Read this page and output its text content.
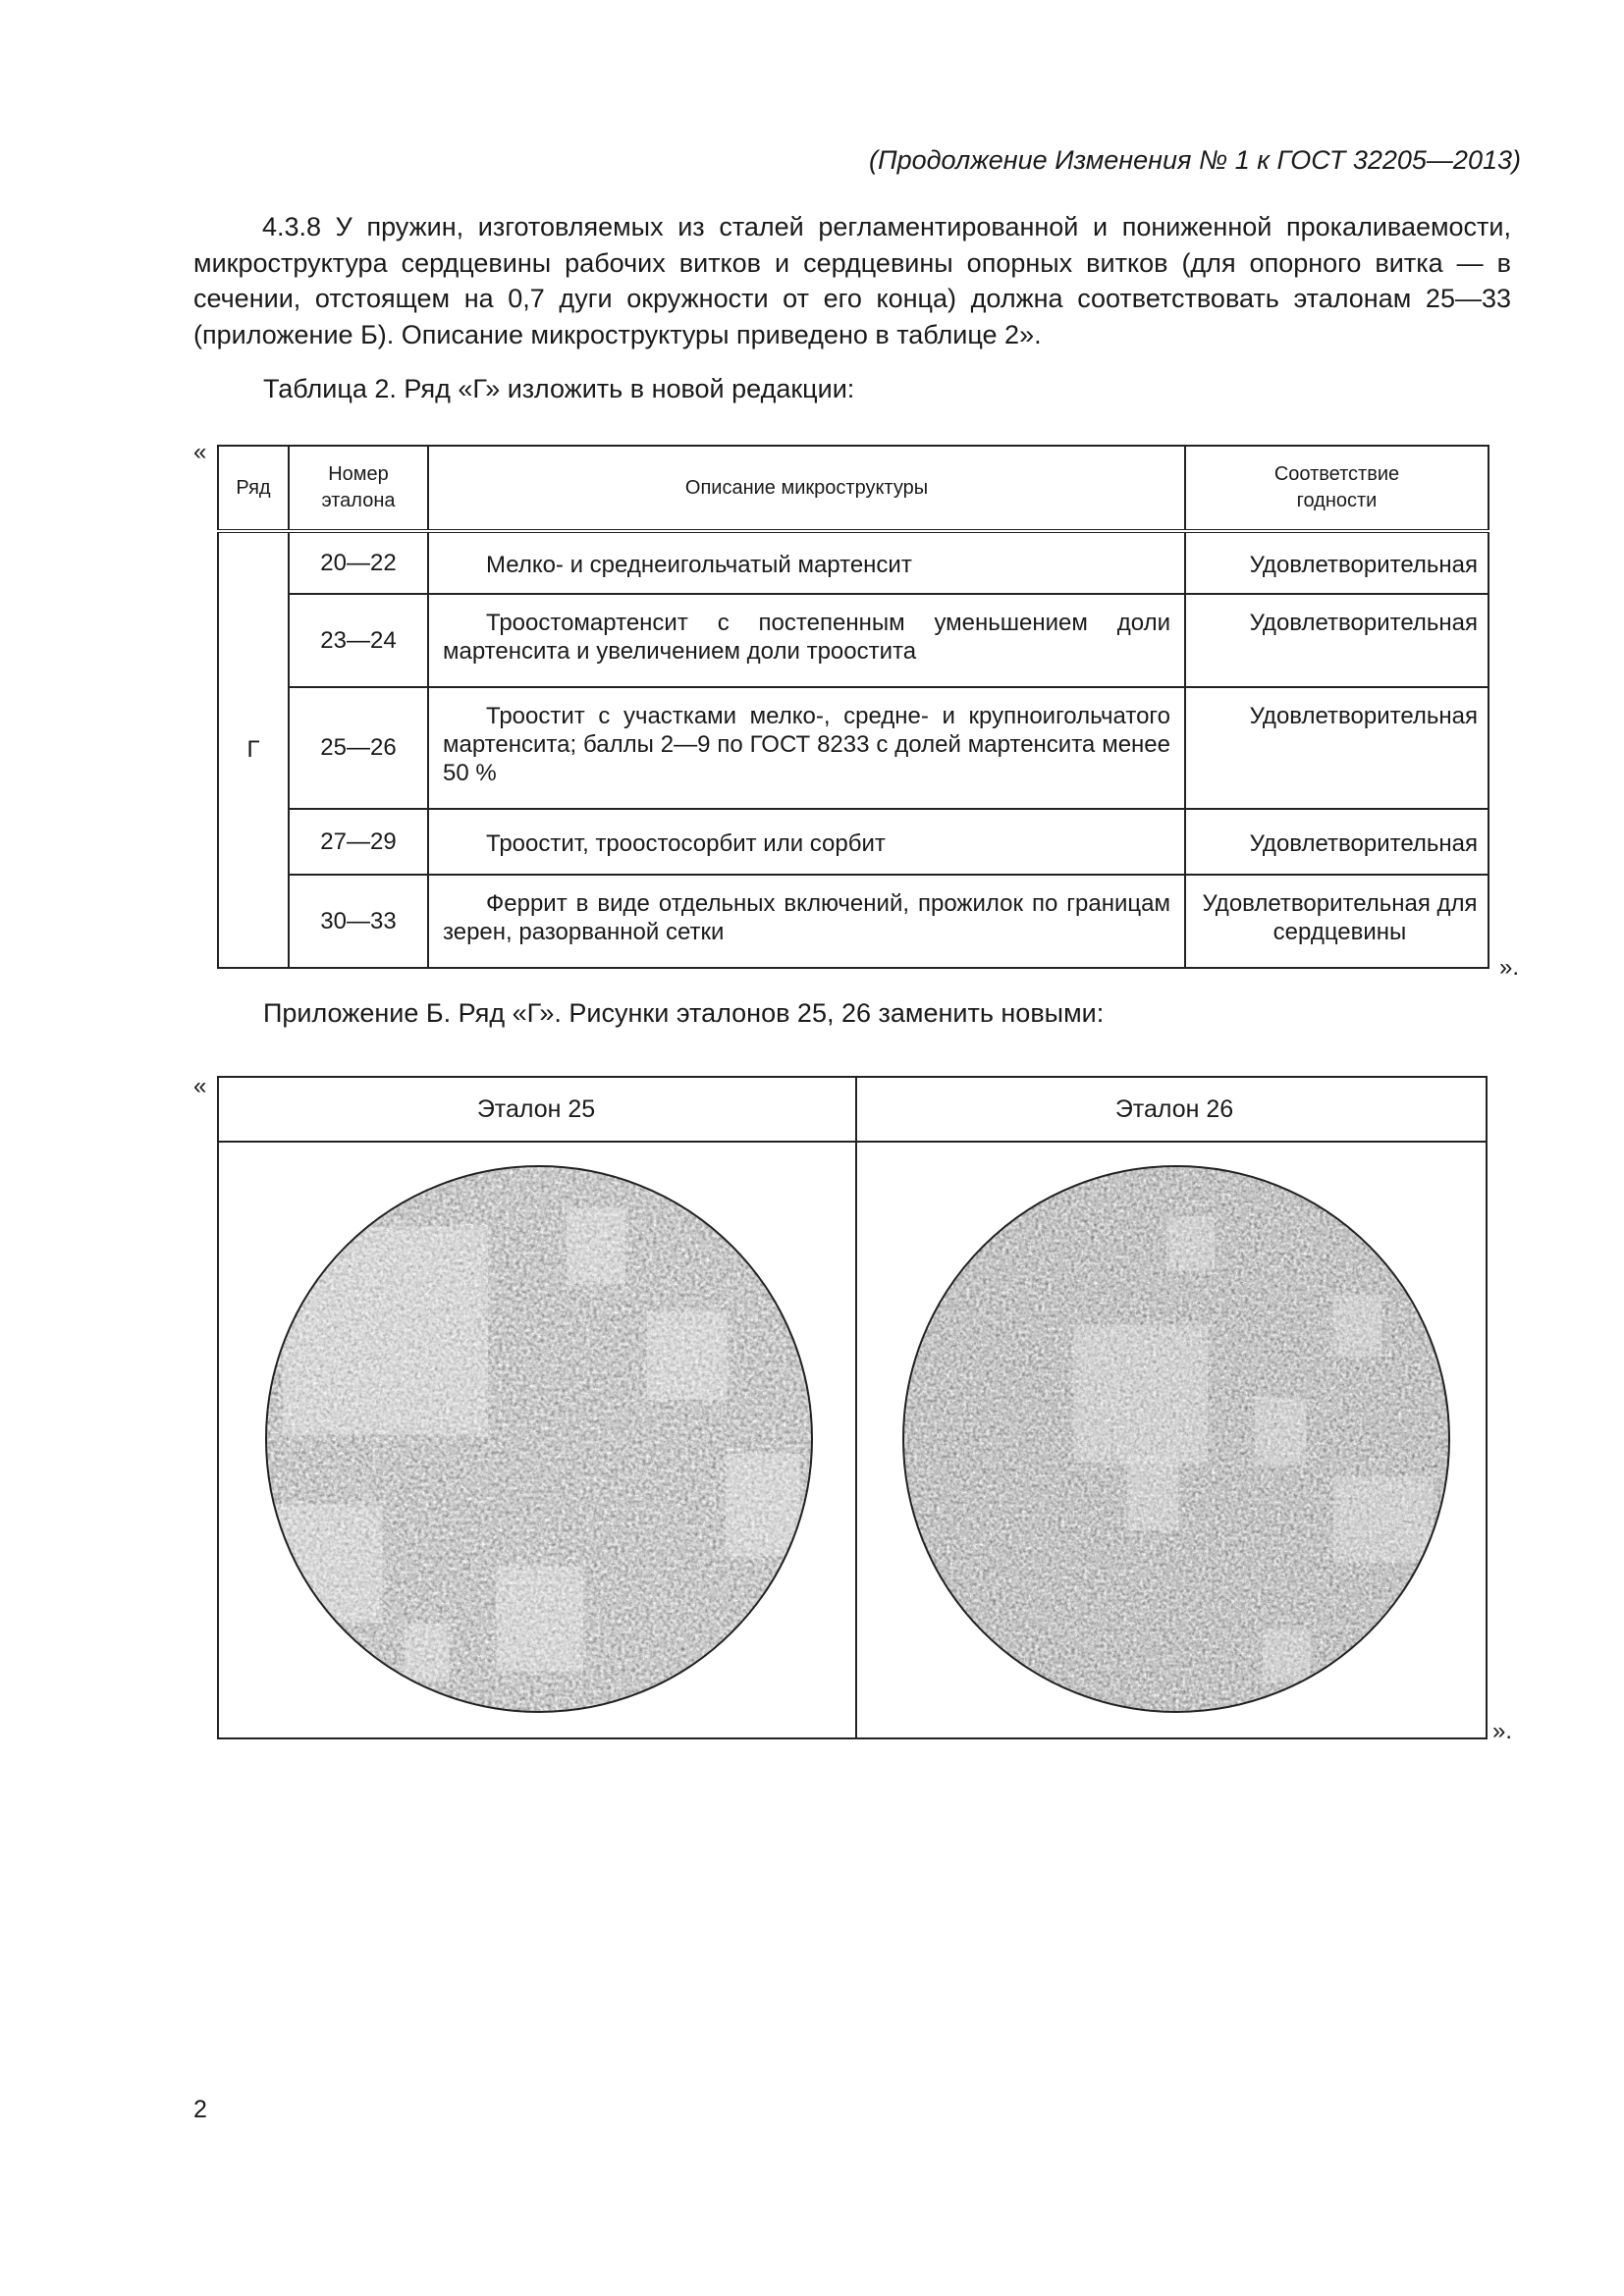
(Продолжение Изменения № 1 к ГОСТ 32205—2013)
4.3.8 У пружин, изготовляемых из сталей регламентированной и пониженной прокаливаемости, микроструктура сердцевины рабочих витков и сердцевины опорных витков (для опорного витка — в сечении, отстоящем на 0,7 дуги окружности от его конца) должна соответствовать эталонам 25—33 (приложение Б). Описание микроструктуры приведено в таблице 2».
Таблица 2. Ряд «Г» изложить в новой редакции:
«
Ряд	Номер эталона	Описание микроструктуры	Соответствие годности
Г	20—22	Мелко- и среднеигольчатый мартенсит	Удовлетворительная
	23—24	Трооcтомартенсит с постепенным уменьшением доли мартенсита и увеличением доли троостита	Удовлетворительная
	25—26	Троостит с участками мелко-, средне- и крупноигольчатого мартенсита; баллы 2—9 по ГОСТ 8233 с долей мартенсита менее 50 %	Удовлетворительная
	27—29	Троостит, трооcтосорбит или сорбит	Удовлетворительная
	30—33	Феррит в виде отдельных включений, прожилок по границам зерен, разорванной сетки	Удовлетворительная для сердцевины
».
Приложение Б. Ряд «Г». Рисунки эталонов 25, 26 заменить новыми:
«
Эталон 25	Эталон 26
».
2
